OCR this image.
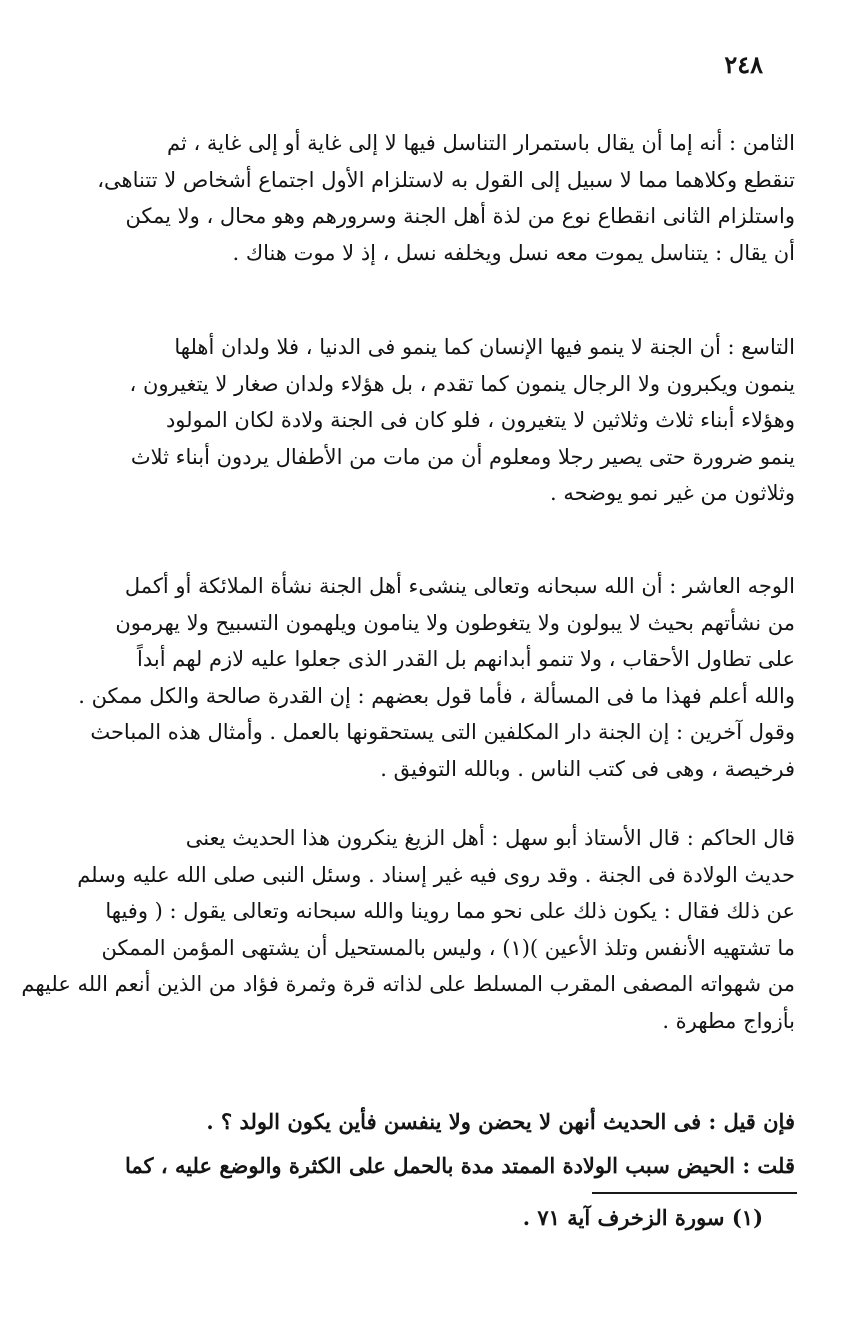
٢٤٨
الثامن : أنه إما أن يقال باستمرار التناسل فيها لا إلى غاية أو إلى غاية ، ثم
تنقطع وكلاهما مما لا سبيل إلى القول به لاستلزام الأول اجتماع أشخاص لا تتناهى،
واستلزام الثانى انقطاع نوع من لذة أهل الجنة وسرورهم وهو محال ، ولا يمكن
أن يقال : يتناسل يموت معه نسل ويخلفه نسل ، إذ لا موت هناك .
التاسع : أن الجنة لا ينمو فيها الإنسان كما ينمو فى الدنيا ، فلا ولدان أهلها
ينمون ويكبرون ولا الرجال ينمون كما تقدم ، بل هؤلاء ولدان صغار لا يتغيرون ،
وهؤلاء أبناء ثلاث وثلاثين لا يتغيرون ، فلو كان فى الجنة ولادة لكان المولود
ينمو ضرورة حتى يصير رجلا ومعلوم أن من مات من الأطفال يردون أبناء ثلاث
وثلاثون من غير نمو يوضحه .
الوجه العاشر : أن الله سبحانه وتعالى ينشىء أهل الجنة نشأة الملائكة أو أكمل
من نشأتهم بحيث لا يبولون ولا يتغوطون ولا ينامون ويلهمون التسبيح ولا يهرمون
على تطاول الأحقاب ، ولا تنمو أبدانهم بل القدر الذى جعلوا عليه لازم لهم أبداً
والله أعلم فهذا ما فى المسألة ، فأما قول بعضهم : إن القدرة صالحة والكل ممكن .
وقول آخرين : إن الجنة دار المكلفين التى يستحقونها بالعمل . وأمثال هذه المباحث
فرخيصة ، وهى فى كتب الناس . وبالله التوفيق .
قال الحاكم : قال الأستاذ أبو سهل : أهل الزيغ ينكرون هذا الحديث يعنى
حديث الولادة فى الجنة . وقد روى فيه غير إسناد . وسئل النبى صلى الله عليه وسلم
عن ذلك فقال : يكون ذلك على نحو مما روينا والله سبحانه وتعالى يقول : ( وفيها
ما تشتهيه الأنفس وتلذ الأعين )(١) ، وليس بالمستحيل أن يشتهى المؤمن الممكن
من شهواته المصفى المقرب المسلط على لذاته قرة وثمرة فؤاد من الذين أنعم الله عليهم
بأزواج مطهرة .
فإن قيل : فى الحديث أنهن لا يحضن ولا ينفسن فأين يكون الولد ؟ .
قلت : الحيض سبب الولادة الممتد مدة بالحمل على الكثرة والوضع عليه ، كما
(١) سورة الزخرف آية ٧١ .
